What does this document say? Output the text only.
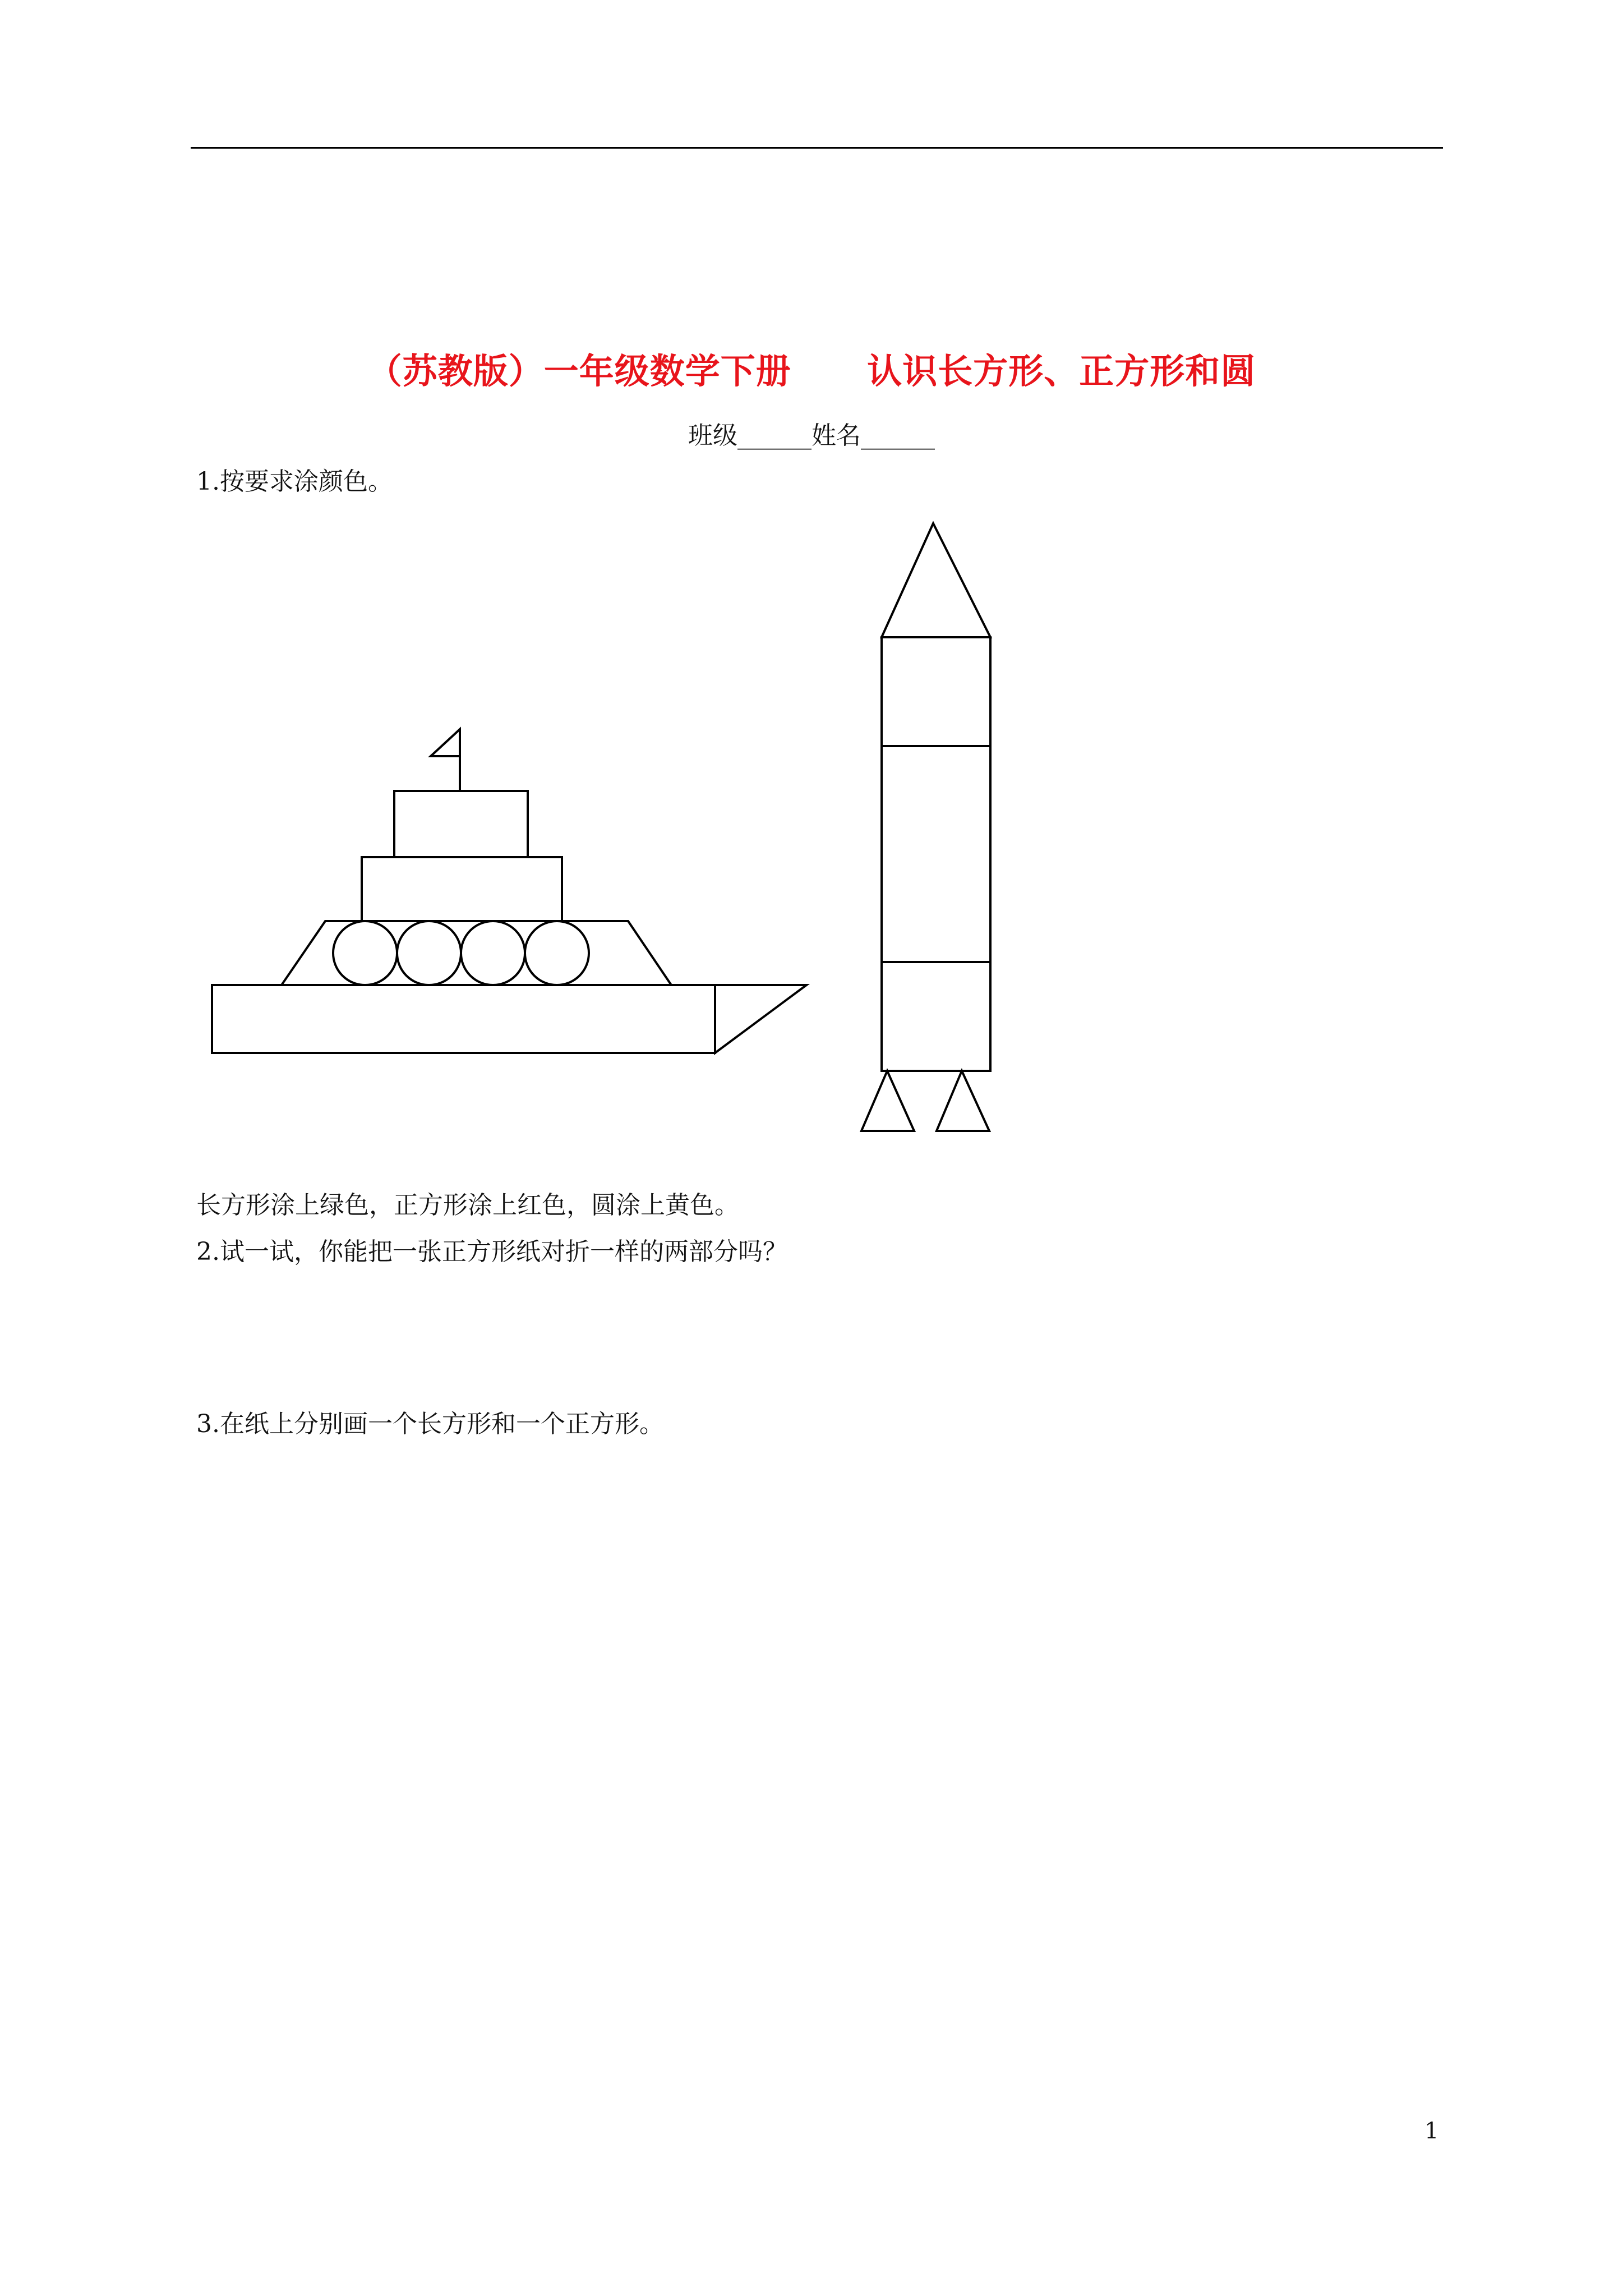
（苏教版）一年级数学下册      认识长方形、正方形和圆
班级______姓名______
1.按要求涂颜色。
长方形涂上绿色，正方形涂上红色，圆涂上黄色。
2.试一试，你能把一张正方形纸对折一样的两部分吗？
3.在纸上分别画一个长方形和一个正方形。
1
